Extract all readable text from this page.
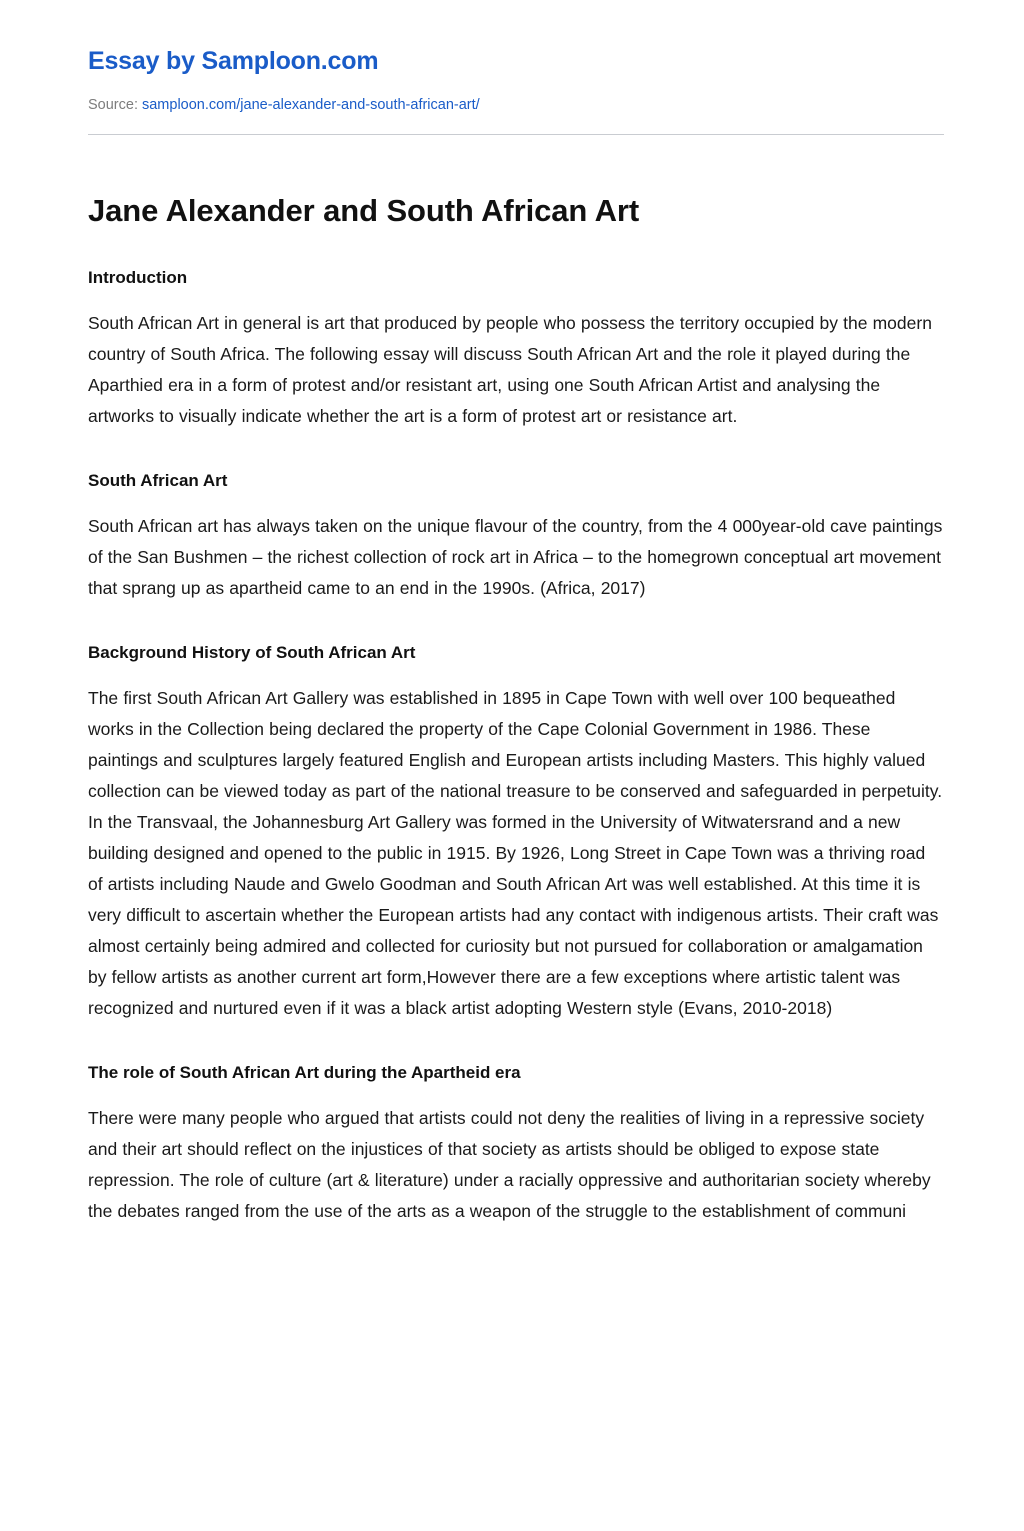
Essay by Samploon.com
Source: samploon.com/jane-alexander-and-south-african-art/
Jane Alexander and South African Art
Introduction

South African Art in general is art that produced by people who possess the territory occupied by the modern country of South Africa. The following essay will discuss South African Art and the role it played during the Aparthied era in a form of protest and/or resistant art, using one South African Artist and analysing the artworks to visually indicate whether the art is a form of protest art or resistance art.

South African Art

South African art has always taken on the unique flavour of the country, from the 4 000year-old cave paintings of the San Bushmen – the richest collection of rock art in Africa – to the homegrown conceptual art movement that sprang up as apartheid came to an end in the 1990s. (Africa, 2017)

Background History of South African Art

The first South African Art Gallery was established in 1895 in Cape Town with well over 100 bequeathed works in the Collection being declared the property of the Cape Colonial Government in 1986. These paintings and sculptures largely featured English and European artists including Masters. This highly valued collection can be viewed today as part of the national treasure to be conserved and safeguarded in perpetuity. In the Transvaal, the Johannesburg Art Gallery was formed in the University of Witwatersrand and a new building designed and opened to the public in 1915. By 1926, Long Street in Cape Town was a thriving road of artists including Naude and Gwelo Goodman and South African Art was well established. At this time it is very difficult to ascertain whether the European artists had any contact with indigenous artists. Their craft was almost certainly being admired and collected for curiosity but not pursued for collaboration or amalgamation by fellow artists as another current art form,However there are a few exceptions where artistic talent was recognized and nurtured even if it was a black artist adopting Western style (Evans, 2010-2018)

The role of South African Art during the Apartheid era

There were many people who argued that artists could not deny the realities of living in a repressive society and their art should reflect on the injustices of that society as artists should be obliged to expose state repression. The role of culture (art & literature) under a racially oppressive and authoritarian society whereby the debates ranged from the use of the arts as a weapon of the struggle to the establishment of communi
